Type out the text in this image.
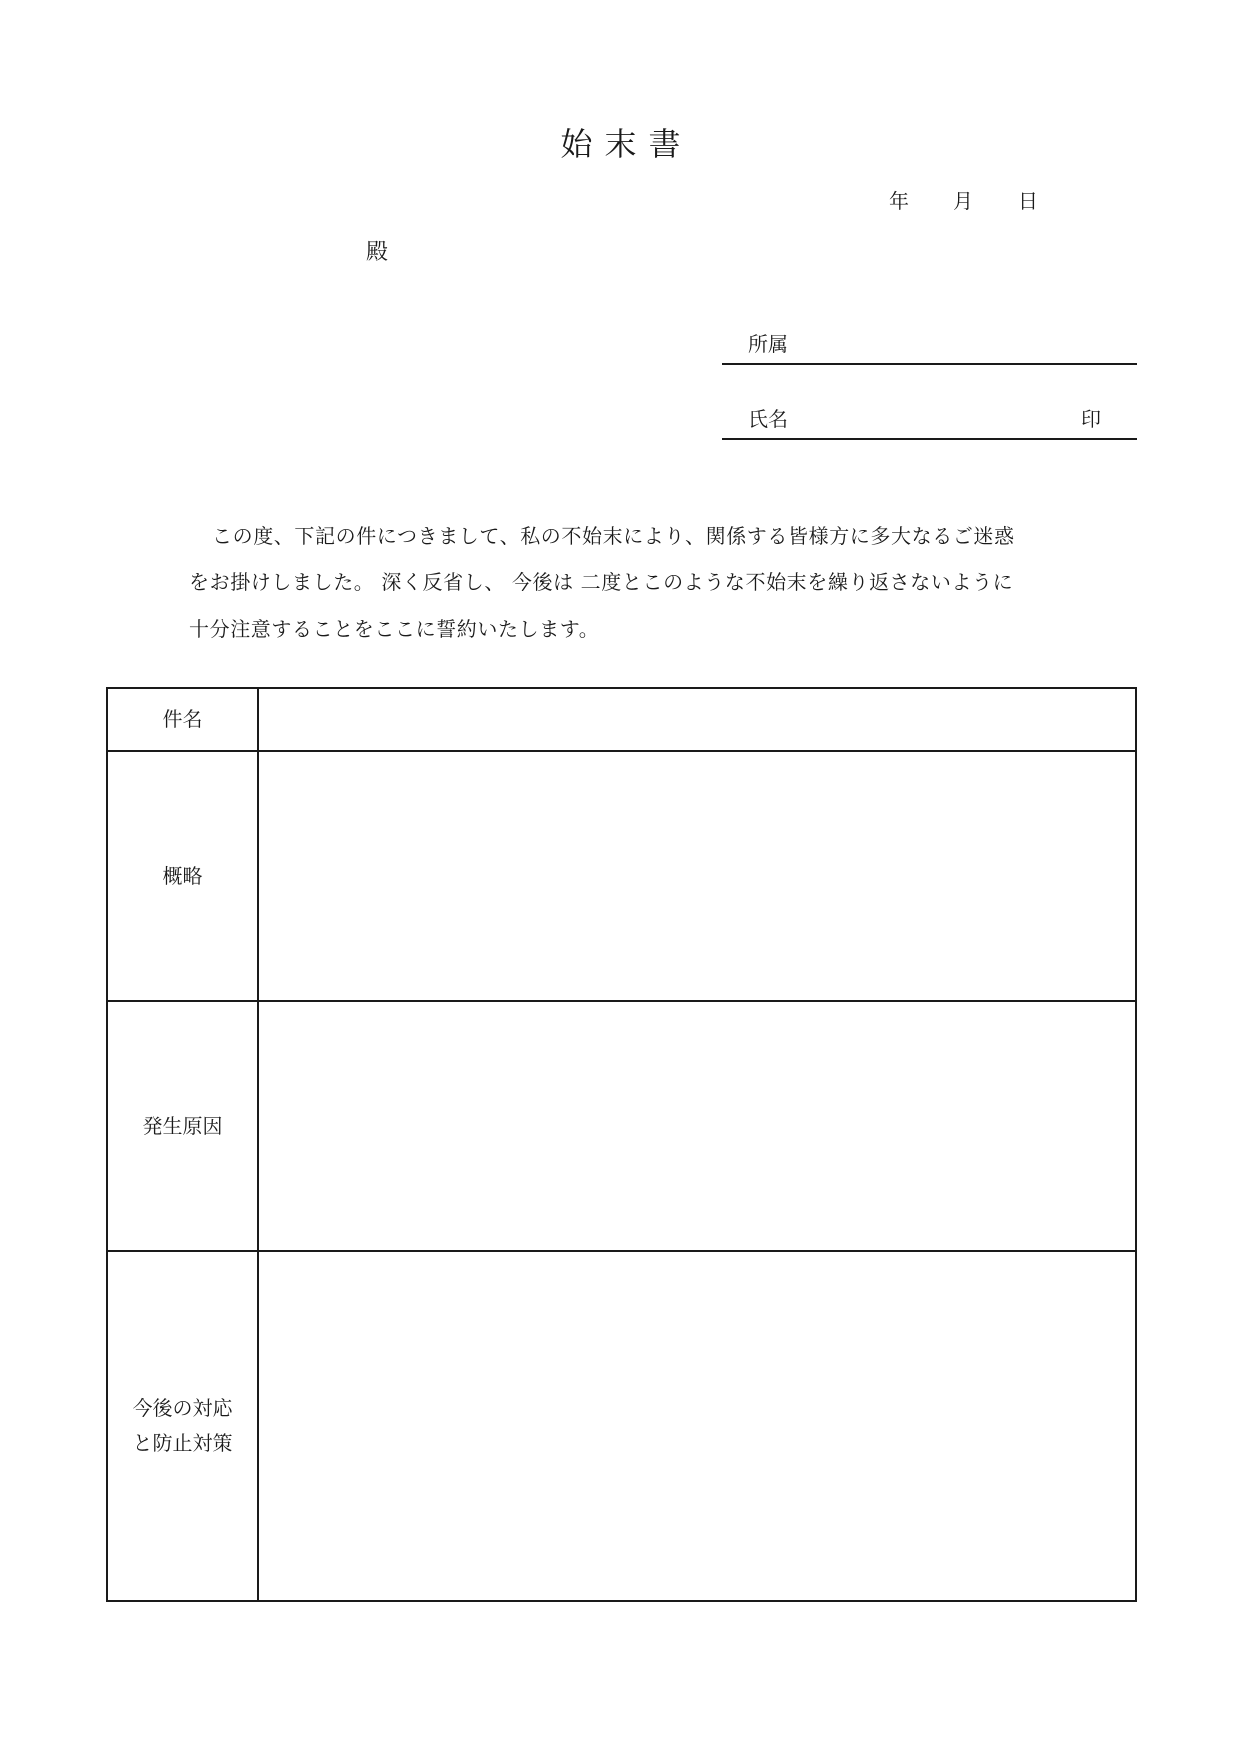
始末書
年 月 日
殿
所属
氏名	印
この度、下記の件につきまして、私の不始末により、関係する皆様方に多大なるご迷惑
をお掛けしました。 深く反省し、 今後は 二度とこのような不始末を繰り返さないように
十分注意することをここに誓約いたします。
件名	
概略	
発生原因	

今後の対応
と防止対策	
